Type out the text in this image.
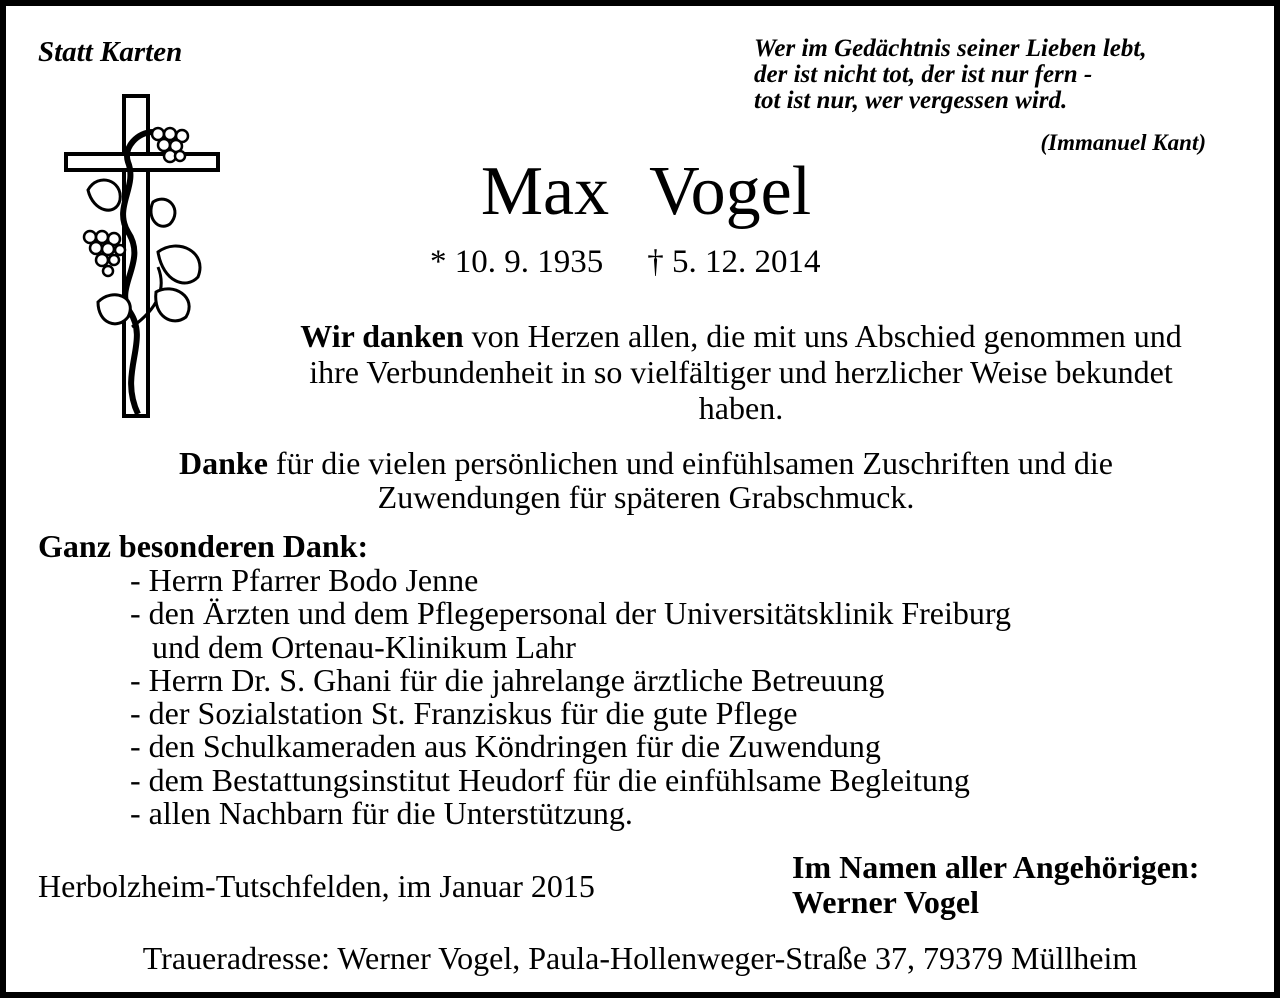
Statt Karten	Wer im Gedächtnis seiner Lieben lebt,
der ist nicht tot, der ist nur fern -
tot ist nur, wer vergessen wird.
(Immanuel Kant)
Max Vogel
* 10. 9. 1935 † 5. 12. 2014
Wir danken von Herzen allen, die mit uns Abschied genommen und ihre Verbundenheit in so vielfältiger und herzlicher Weise bekundet haben.
Danke für die vielen persönlichen und einfühlsamen Zuschriften und die Zuwendungen für späteren Grabschmuck.
Ganz besonderen Dank:
- Herrn Pfarrer Bodo Jenne
- den Ärzten und dem Pflegepersonal der Universitätsklinik Freiburg
und dem Ortenau-Klinikum Lahr
- Herrn Dr. S. Ghani für die jahrelange ärztliche Betreuung
- der Sozialstation St. Franziskus für die gute Pflege
- den Schulkameraden aus Köndringen für die Zuwendung
- dem Bestattungsinstitut Heudorf für die einfühlsame Begleitung
- allen Nachbarn für die Unterstützung.
Herbolzheim-Tutschfelden, im Januar 2015
Im Namen aller Angehörigen:
Werner Vogel
Traueradresse: Werner Vogel, Paula-Hollenweger-Straße 37, 79379 Müllheim
